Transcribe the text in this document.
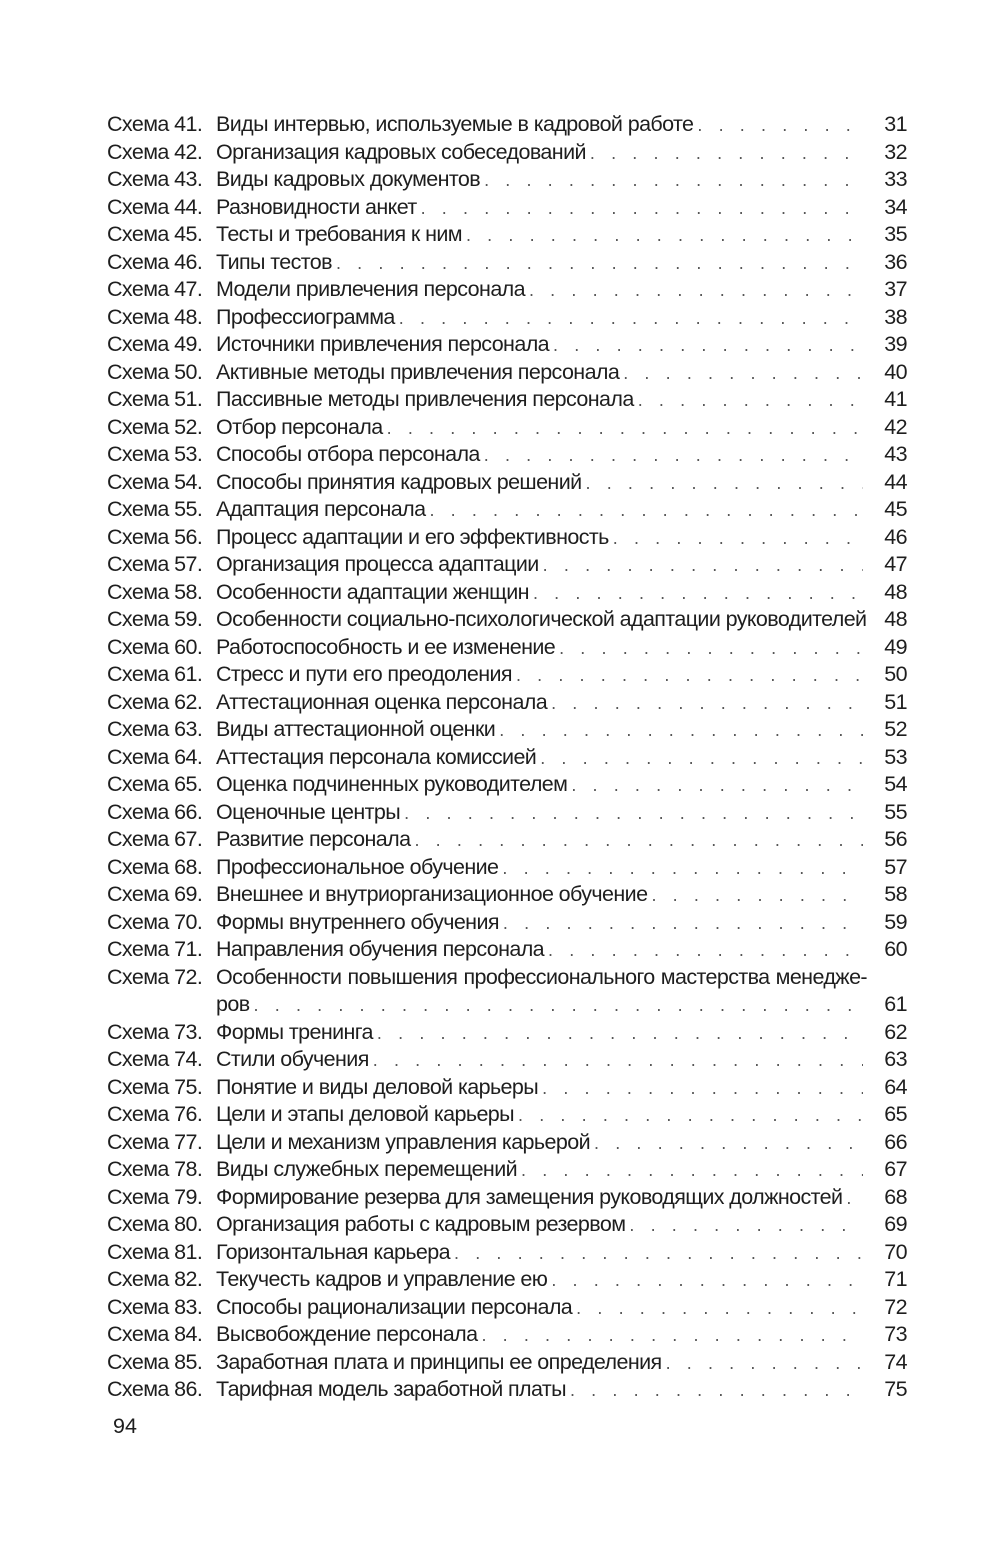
Схема 41. Виды интервью, используемые в кадровой работе . . .	31
Схема 42. Организация кадровых собеседований . . .	32
Схема 43. Виды кадровых документов . . .	33
Схема 44. Разновидности анкет . . .	34
Схема 45. Тесты и требования к ним . . .	35
Схема 46. Типы тестов . . .	36
Схема 47. Модели привлечения персонала . . .	37
Схема 48. Профессиограмма . . .	38
Схема 49. Источники привлечения персонала . . .	39
Схема 50. Активные методы привлечения персонала . . .	40
Схема 51. Пассивные методы привлечения персонала . . .	41
Схема 52. Отбор персонала . . .	42
Схема 53. Способы отбора персонала . . .	43
Схема 54. Способы принятия кадровых решений . . .	44
Схема 55. Адаптация персонала . . .	45
Схема 56. Процесс адаптации и его эффективность . . .	46
Схема 57. Организация процесса адаптации . . .	47
Схема 58. Особенности адаптации женщин . . .	48
Схема 59. Особенности социально-психологической адаптации руководителей 48
Схема 60. Работоспособность и ее изменение . . .	49
Схема 61. Стресс и пути его преодоления . . .	50
Схема 62. Аттестационная оценка персонала . . .	51
Схема 63. Виды аттестационной оценки . . .	52
Схема 64. Аттестация персонала комиссией . . .	53
Схема 65. Оценка подчиненных руководителем . . .	54
Схема 66. Оценочные центры . . .	55
Схема 67. Развитие персонала . . .	56
Схема 68. Профессиональное обучение . . .	57
Схема 69. Внешнее и внутриорганизационное обучение . . .	58
Схема 70. Формы внутреннего обучения . . .	59
Схема 71. Направления обучения персонала . . .	60
Схема 72. Особенности повышения профессионального мастерства менедже-
ров . . .	61
Схема 73. Формы тренинга . . .	62
Схема 74. Стили обучения . . .	63
Схема 75. Понятие и виды деловой карьеры . . .	64
Схема 76. Цели и этапы деловой карьеры . . .	65
Схема 77. Цели и механизм управления карьерой . . .	66
Схема 78. Виды служебных перемещений . . .	67
Схема 79. Формирование резерва для замещения руководящих должностей . . .	68
Схема 80. Организация работы с кадровым резервом . . .	69
Схема 81. Горизонтальная карьера . . .	70
Схема 82. Текучесть кадров и управление ею . . .	71
Схема 83. Способы рационализации персонала . . .	72
Схема 84. Высвобождение персонала . . .	73
Схема 85. Заработная плата и принципы ее определения . . .	74
Схема 86. Тарифная модель заработной платы . . .	75
94
